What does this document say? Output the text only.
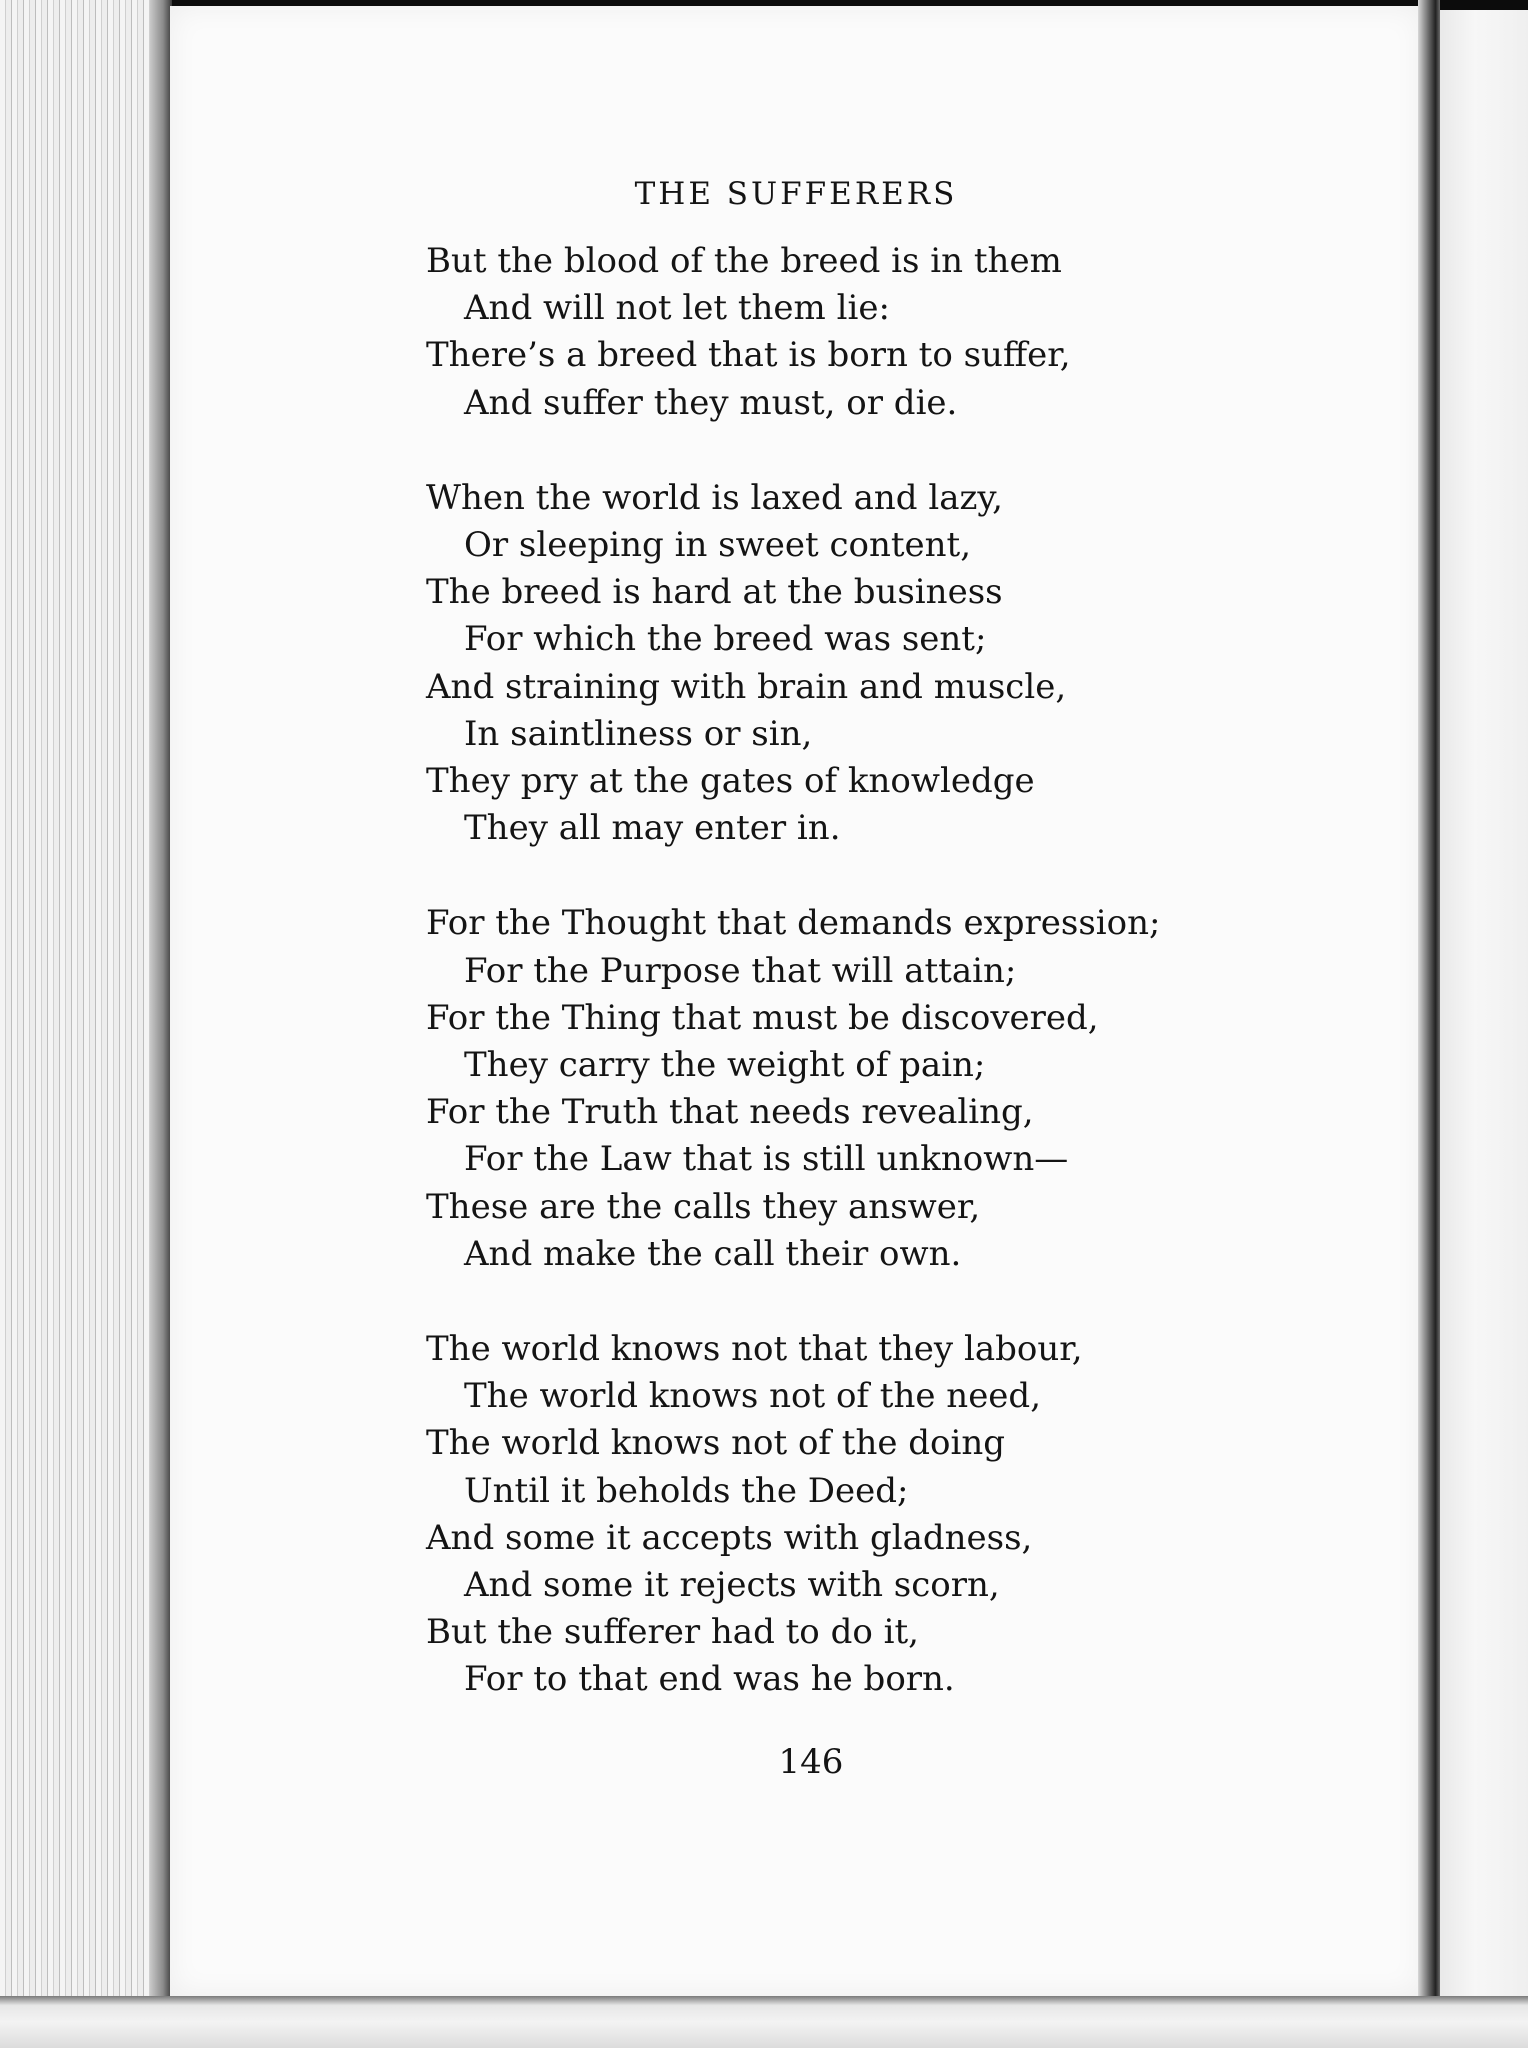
THE SUFFERERS
But the blood of the breed is in them
And will not let them lie:
There’s a breed that is born to suffer,
And suffer they must, or die.
When the world is laxed and lazy,
Or sleeping in sweet content,
The breed is hard at the business
For which the breed was sent;
And straining with brain and muscle,
In saintliness or sin,
They pry at the gates of knowledge
They all may enter in.
For the Thought that demands expression;
For the Purpose that will attain;
For the Thing that must be discovered,
They carry the weight of pain;
For the Truth that needs revealing,
For the Law that is still unknown—
These are the calls they answer,
And make the call their own.
The world knows not that they labour,
The world knows not of the need,
The world knows not of the doing
Until it beholds the Deed;
And some it accepts with gladness,
And some it rejects with scorn,
But the sufferer had to do it,
For to that end was he born.
146
